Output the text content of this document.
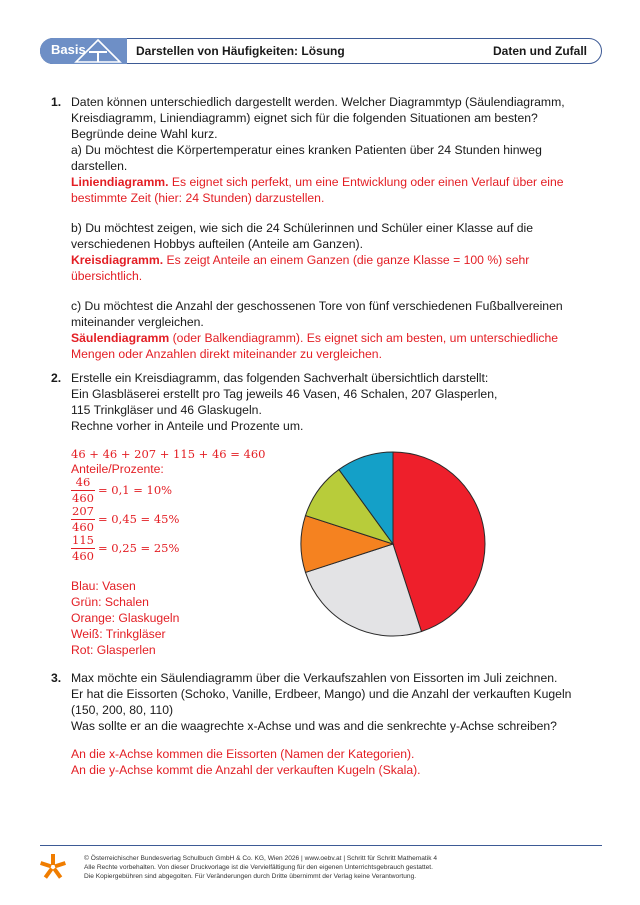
Basis	Darstellen von Häufigkeiten: Lösung	Daten und Zufall
1. Daten können unterschiedlich dargestellt werden. Welcher Diagrammtyp (Säulendiagramm,
Kreisdiagramm, Liniendiagramm) eignet sich für die folgenden Situationen am besten?
Begründe deine Wahl kurz.
a) Du möchtest die Körpertemperatur eines kranken Patienten über 24 Stunden hinweg
darstellen.
Liniendiagramm. Es eignet sich perfekt, um eine Entwicklung oder einen Verlauf über eine
bestimmte Zeit (hier: 24 Stunden) darzustellen.
b) Du möchtest zeigen, wie sich die 24 Schülerinnen und Schüler einer Klasse auf die
verschiedenen Hobbys aufteilen (Anteile am Ganzen).
Kreisdiagramm. Es zeigt Anteile an einem Ganzen (die ganze Klasse = 100 %) sehr
übersichtlich.
c) Du möchtest die Anzahl der geschossenen Tore von fünf verschiedenen Fußballvereinen
miteinander vergleichen.
Säulendiagramm (oder Balkendiagramm). Es eignet sich am besten, um unterschiedliche
Mengen oder Anzahlen direkt miteinander zu vergleichen.
2. Erstelle ein Kreisdiagramm, das folgenden Sachverhalt übersichtlich darstellt:
Ein Glasbläserei erstellt pro Tag jeweils 46 Vasen, 46 Schalen, 207 Glasperlen,
115 Trinkgläser und 46 Glaskugeln.
Rechne vorher in Anteile und Prozente um.
46 + 46 + 207 + 115 + 46 = 460
Anteile/Prozente:
46
460
= 0,1 = 10%
207
460
= 0,45 = 45%
115
460
= 0,25 = 25%
Blau: Vasen
Grün: Schalen
Orange: Glaskugeln
Weiß: Trinkgläser
Rot: Glasperlen
3. Max möchte ein Säulendiagramm über die Verkaufszahlen von Eissorten im Juli zeichnen.
Er hat die Eissorten (Schoko, Vanille, Erdbeer, Mango) und die Anzahl der verkauften Kugeln
(150, 200, 80, 110)
Was sollte er an die waagrechte x-Achse und was and die senkrechte y-Achse schreiben?
An die x-Achse kommen die Eissorten (Namen der Kategorien).
An die y-Achse kommt die Anzahl der verkauften Kugeln (Skala).
© Österreichischer Bundesverlag Schulbuch GmbH & Co. KG, Wien 2026 | www.oebv.at | Schritt für Schritt Mathematik 4
Alle Rechte vorbehalten. Von dieser Druckvorlage ist die Vervielfältigung für den eigenen Unterrichtsgebrauch gestattet.
Die Kopiergebühren sind abgegolten. Für Veränderungen durch Dritte übernimmt der Verlag keine Verantwortung.
